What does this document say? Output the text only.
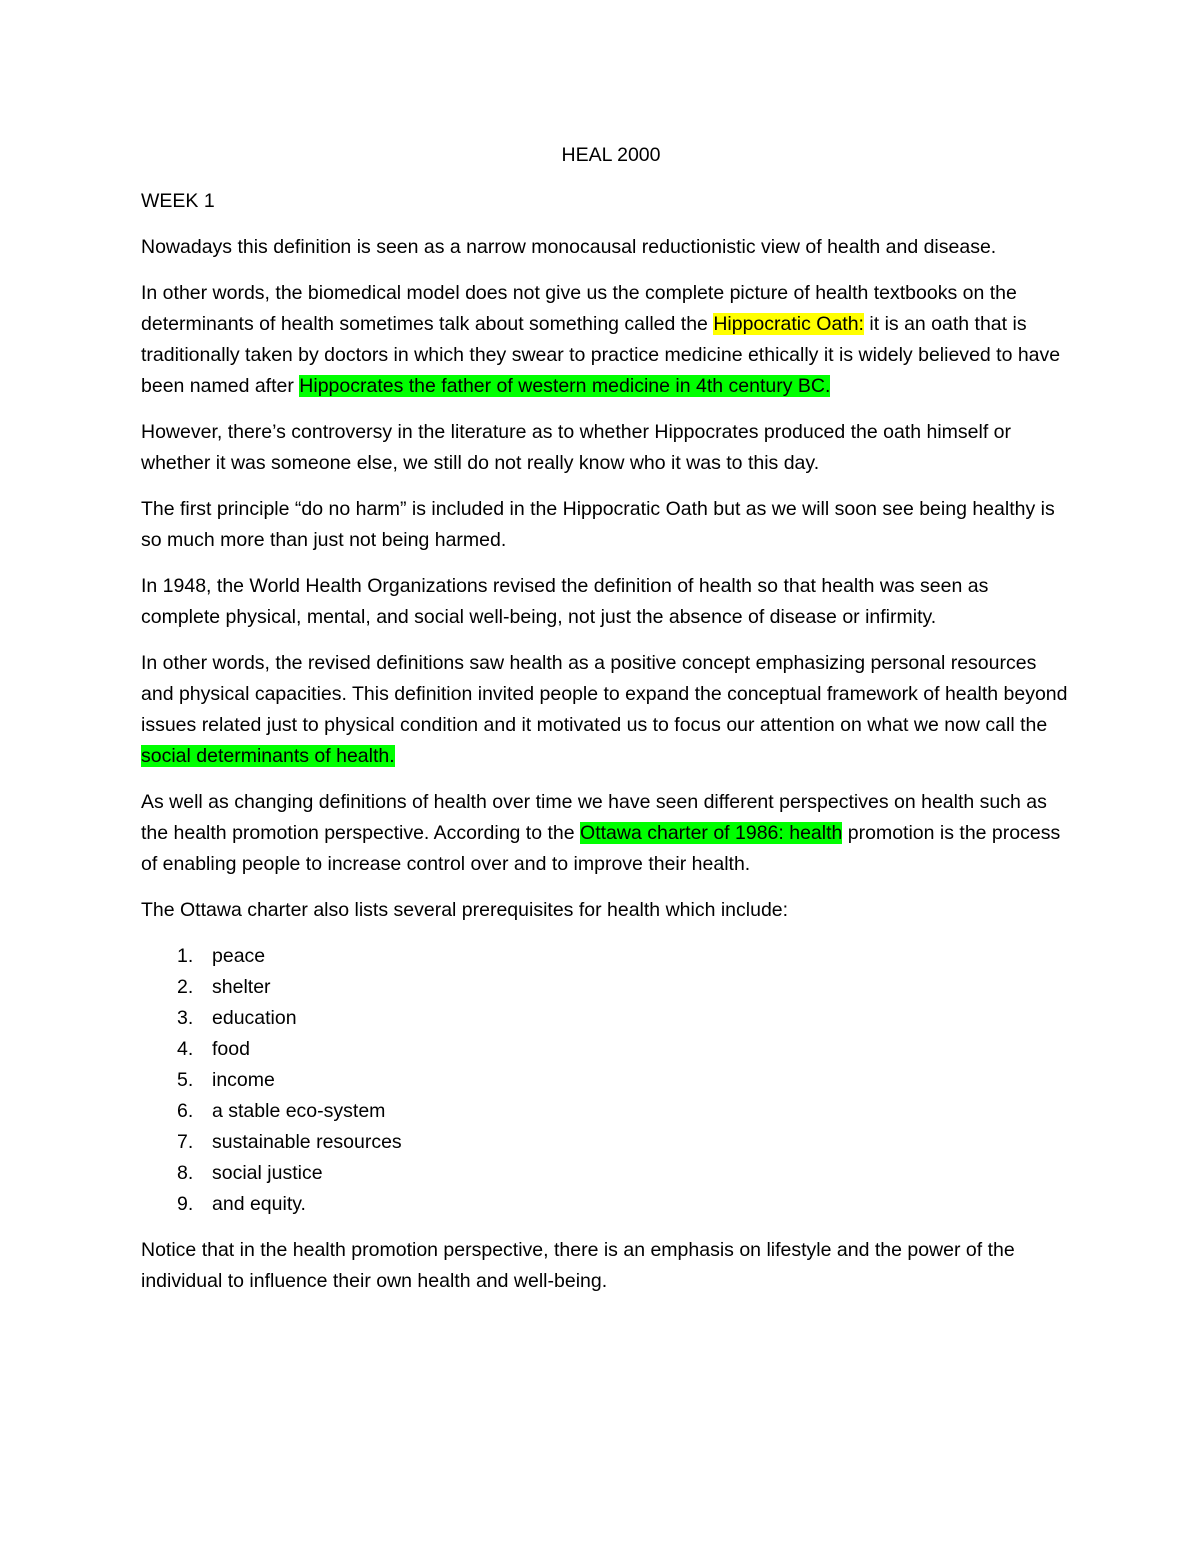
HEAL 2000

WEEK 1

Nowadays this definition is seen as a narrow monocausal reductionistic view of health and disease.

In other words, the biomedical model does not give us the complete picture of health textbooks on the determinants of health sometimes talk about something called the Hippocratic Oath: it is an oath that is traditionally taken by doctors in which they swear to practice medicine ethically it is widely believed to have been named after Hippocrates the father of western medicine in 4th century BC.

However, there’s controversy in the literature as to whether Hippocrates produced the oath himself or whether it was someone else, we still do not really know who it was to this day.

The first principle “do no harm” is included in the Hippocratic Oath but as we will soon see being healthy is so much more than just not being harmed.

In 1948, the World Health Organizations revised the definition of health so that health was seen as complete physical, mental, and social well-being, not just the absence of disease or infirmity.

In other words, the revised definitions saw health as a positive concept emphasizing personal resources and physical capacities. This definition invited people to expand the conceptual framework of health beyond issues related just to physical condition and it motivated us to focus our attention on what we now call the social determinants of health.

As well as changing definitions of health over time we have seen different perspectives on health such as the health promotion perspective. According to the Ottawa charter of 1986: health promotion is the process of enabling people to increase control over and to improve their health.

The Ottawa charter also lists several prerequisites for health which include:

1. peace
2. shelter
3. education
4. food
5. income
6. a stable eco-system
7. sustainable resources
8. social justice
9. and equity.

Notice that in the health promotion perspective, there is an emphasis on lifestyle and the power of the individual to influence their own health and well-being.
